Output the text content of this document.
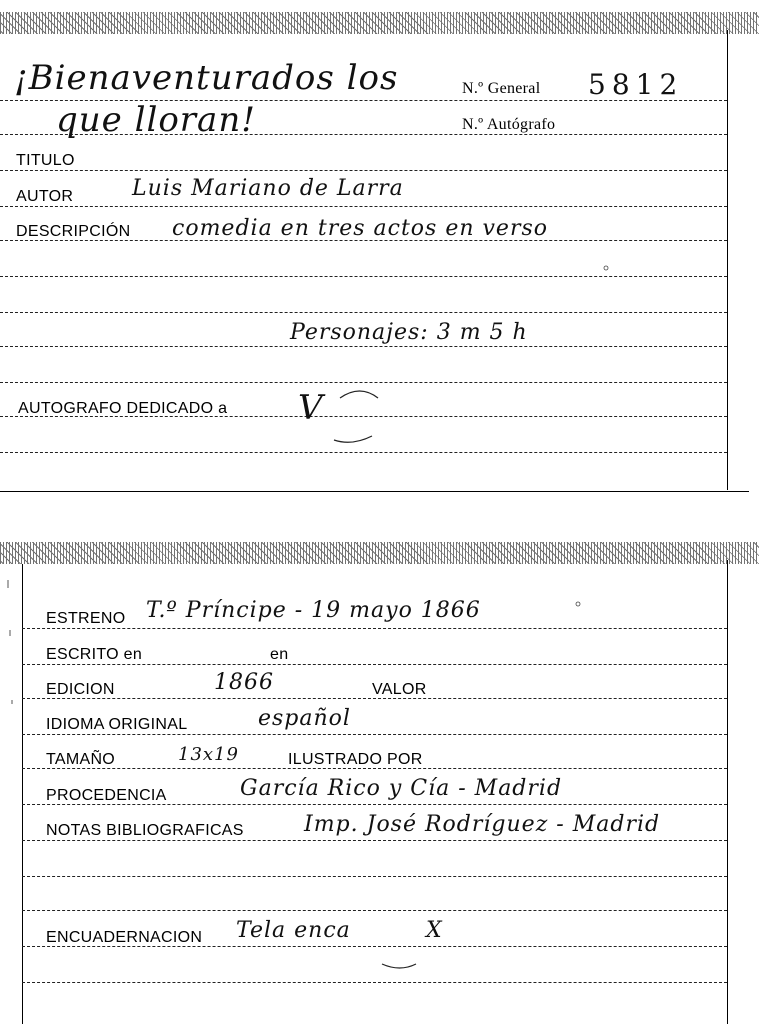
¡Bienaventurados los
que lloran!
N.º General 5812
N.º Autógrafo
TITULO
AUTOR	Luis Mariano de Larra
DESCRIPCIÓN comedia en tres actos en verso
Personajes: 3 m 5 h
AUTOGRAFO DEDICADO a V
ESTRENO T.º Príncipe - 19 mayo 1866
ESCRITO en	en
EDICION	1866	VALOR
IDIOMA ORIGINAL	español
TAMAÑO	13x19	ILUSTRADO POR
PROCEDENCIA	García Rico y Cía - Madrid
NOTAS BIBLIOGRAFICAS	Imp. José Rodríguez - Madrid
ENCUADERNACION Tela enca	X
